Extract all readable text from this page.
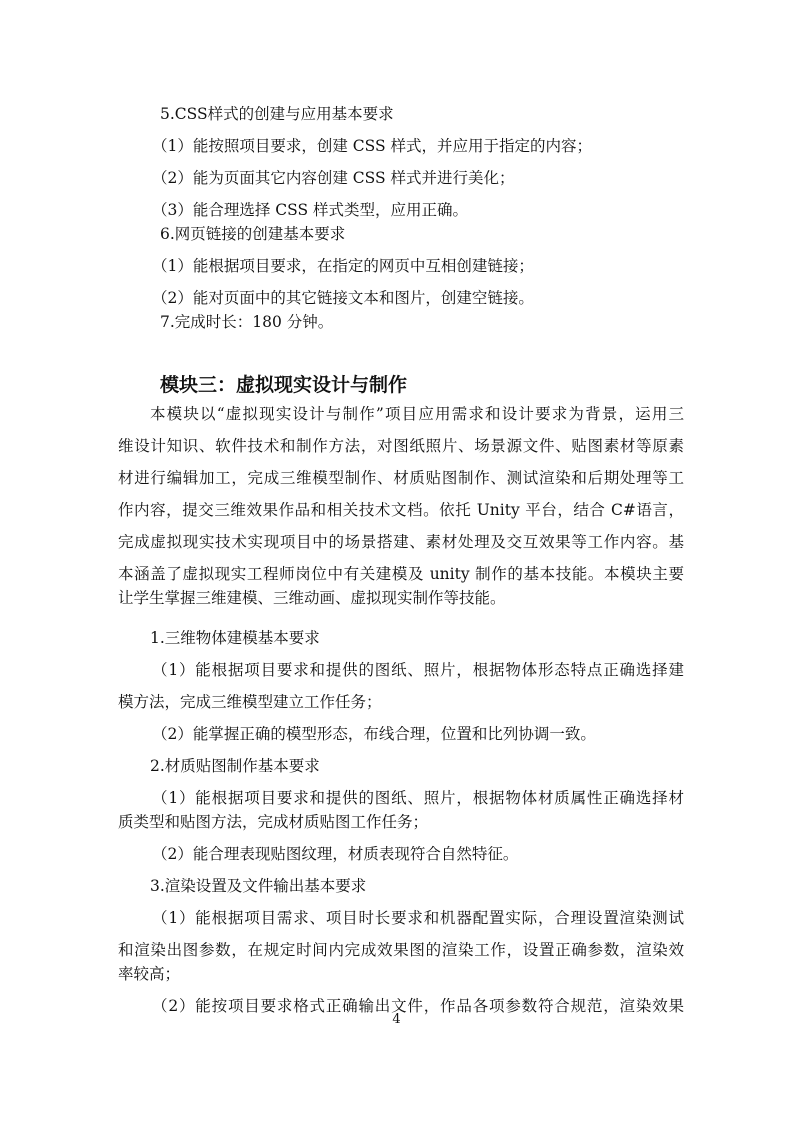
5.CSS样式的创建与应用基本要求
（1）能按照项目要求，创建 CSS 样式，并应用于指定的内容；
（2）能为页面其它内容创建 CSS 样式并进行美化；
（3）能合理选择 CSS 样式类型，应用正确。
6.网页链接的创建基本要求
（1）能根据项目要求，在指定的网页中互相创建链接；
（2）能对页面中的其它链接文本和图片，创建空链接。
7.完成时长：180 分钟。
模块三：虚拟现实设计与制作
本模块以“虚拟现实设计与制作”项目应用需求和设计要求为背景，运用三
维设计知识、软件技术和制作方法，对图纸照片、场景源文件、贴图素材等原素
材进行编辑加工，完成三维模型制作、材质贴图制作、测试渲染和后期处理等工
作内容，提交三维效果作品和相关技术文档。依托 Unity 平台，结合 C#语言，
完成虚拟现实技术实现项目中的场景搭建、素材处理及交互效果等工作内容。基
本涵盖了虚拟现实工程师岗位中有关建模及 unity 制作的基本技能。本模块主要
让学生掌握三维建模、三维动画、虚拟现实制作等技能。
1.三维物体建模基本要求
（1）能根据项目要求和提供的图纸、照片，根据物体形态特点正确选择建
模方法，完成三维模型建立工作任务；
（2）能掌握正确的模型形态，布线合理，位置和比列协调一致。
2.材质贴图制作基本要求
（1）能根据项目要求和提供的图纸、照片，根据物体材质属性正确选择材
质类型和贴图方法，完成材质贴图工作任务；
（2）能合理表现贴图纹理，材质表现符合自然特征。
3.渲染设置及文件输出基本要求
（1）能根据项目需求、项目时长要求和机器配置实际，合理设置渲染测试
和渲染出图参数，在规定时间内完成效果图的渲染工作，设置正确参数，渲染效
率较高；
（2）能按项目要求格式正确输出文件，作品各项参数符合规范，渲染效果
4
